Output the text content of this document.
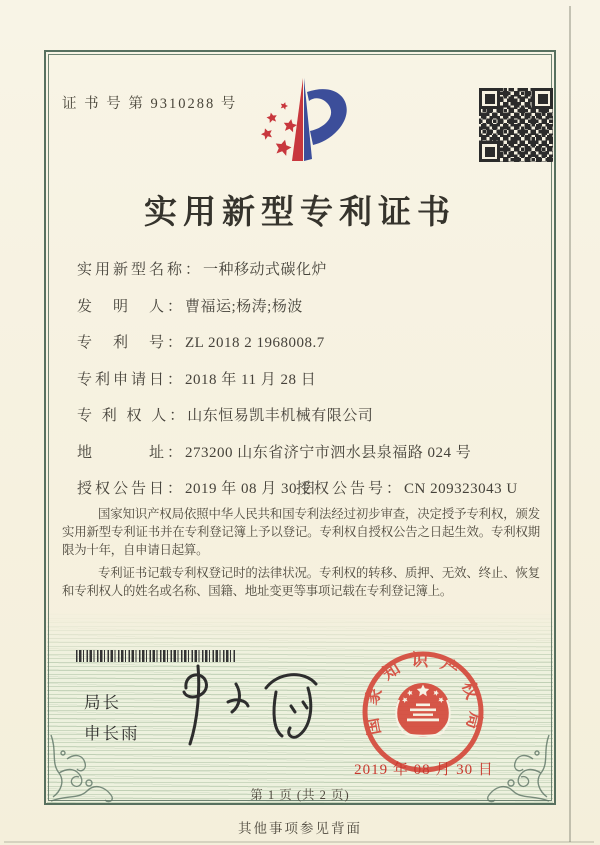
证 书 号 第 9310288 号
实用新型专利证书
实用新型名称：一种移动式碳化炉
发　明　人：曹福运;杨涛;杨波
专　利　号：ZL 2018 2 1968008.7
专利申请日：2018 年 11 月 28 日
专 利 权 人：山东恒易凯丰机械有限公司
地　　　址：273200 山东省济宁市泗水县泉福路 024 号
授权公告日：2019 年 08 月 30 日
授权公告号：CN 209323043 U

国家知识产权局依照中华人民共和国专利法经过初步审查，决定授予专利权，颁发实用新型专利证书并在专利登记簿上予以登记。专利权自授权公告之日起生效。专利权期限为十年，自申请日起算。

专利证书记载专利权登记时的法律状况。专利权的转移、质押、无效、终止、恢复和专利权人的姓名或名称、国籍、地址变更等事项记载在专利登记簿上。

局长
申长雨	国家知识产权局
2019 年 08 月 30 日
第 1 页 (共 2 页)
其他事项参见背面
